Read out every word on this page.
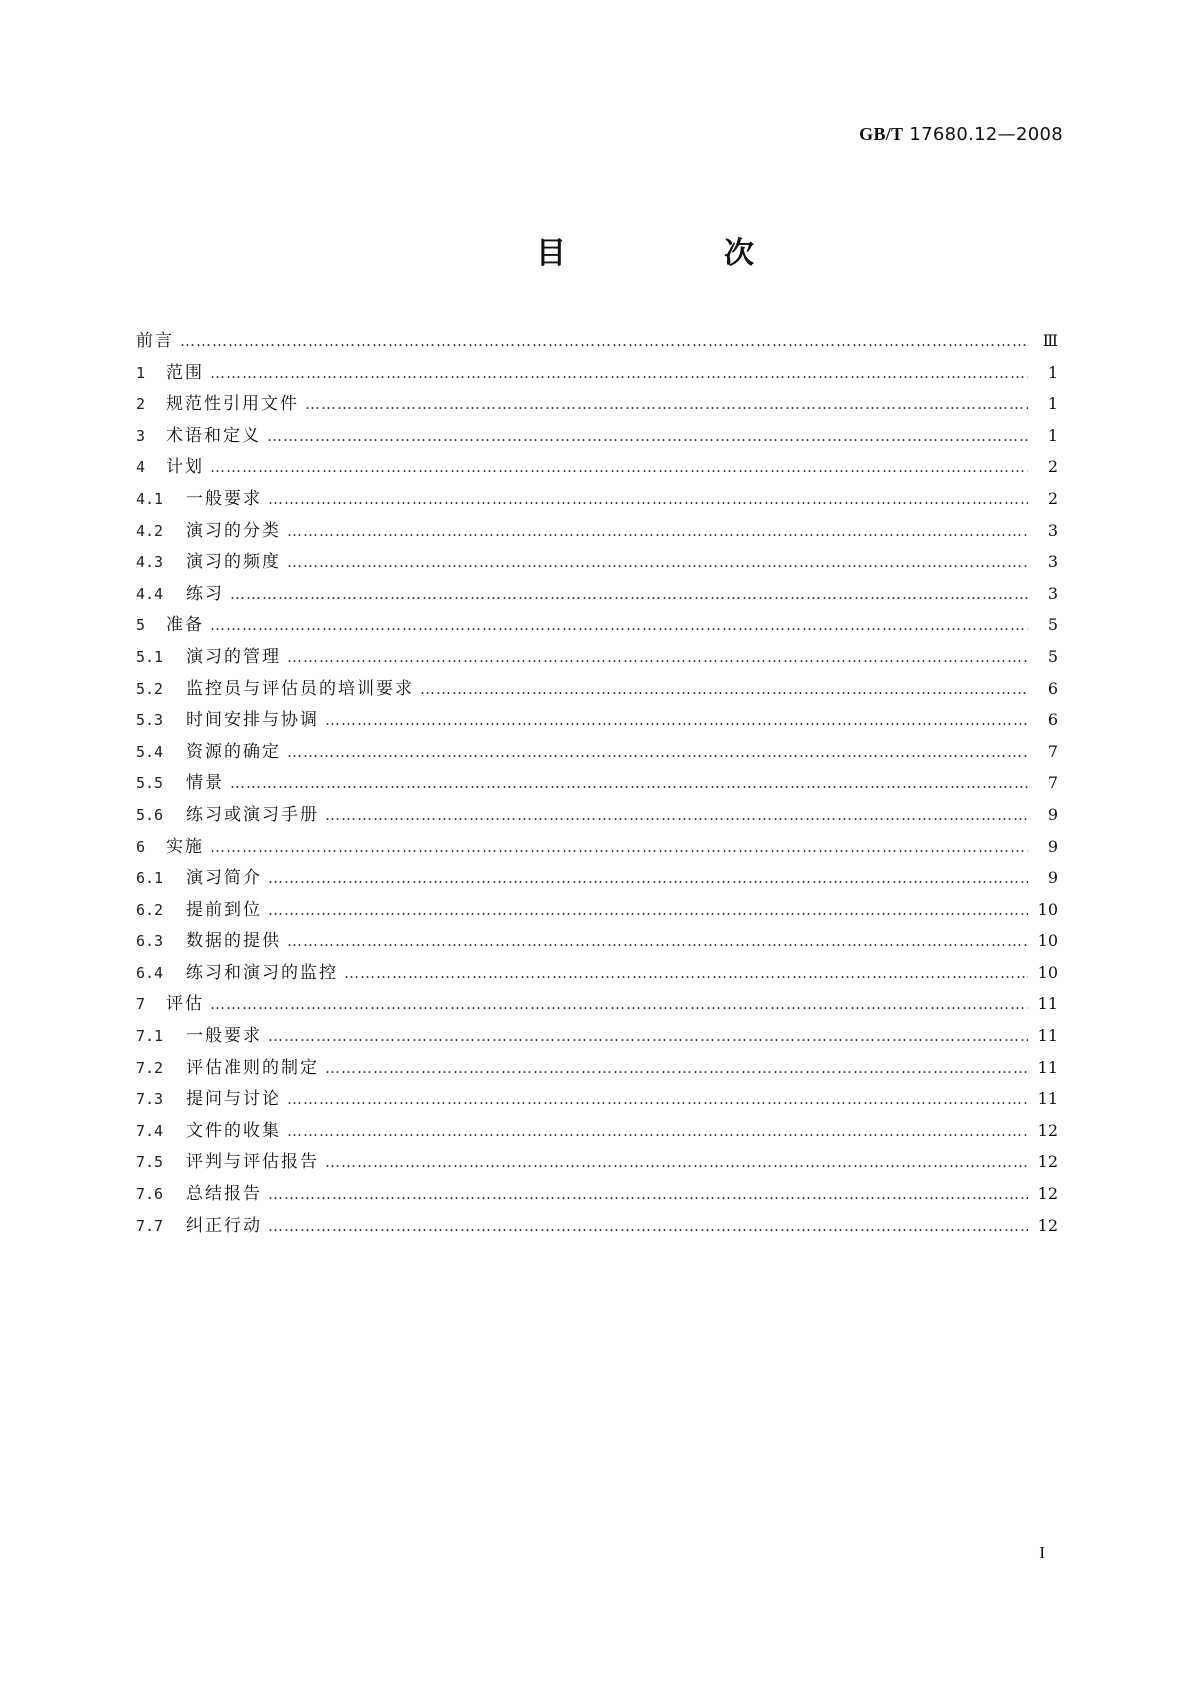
GB/T 17680.12—2008
目　次
前言 …………………………………………………………………………………………………………………………………………………………………………	Ⅲ
1	范围 …………………………………………………………………………………………………………………………………………………………………………	1
2	规范性引用文件 …………………………………………………………………………………………………………………………………………………………………………	1
3	术语和定义 …………………………………………………………………………………………………………………………………………………………………………	1
4	计划 …………………………………………………………………………………………………………………………………………………………………………	2
4.1	一般要求 …………………………………………………………………………………………………………………………………………………………………………	2
4.2	演习的分类 …………………………………………………………………………………………………………………………………………………………………………	3
4.3	演习的频度 …………………………………………………………………………………………………………………………………………………………………………	3
4.4	练习 …………………………………………………………………………………………………………………………………………………………………………	3
5	准备 …………………………………………………………………………………………………………………………………………………………………………	5
5.1	演习的管理 …………………………………………………………………………………………………………………………………………………………………………	5
5.2	监控员与评估员的培训要求 …………………………………………………………………………………………………………………………………………………………………………	6
5.3	时间安排与协调 …………………………………………………………………………………………………………………………………………………………………………	6
5.4	资源的确定 …………………………………………………………………………………………………………………………………………………………………………	7
5.5	情景 …………………………………………………………………………………………………………………………………………………………………………	7
5.6	练习或演习手册 …………………………………………………………………………………………………………………………………………………………………………	9
6	实施 …………………………………………………………………………………………………………………………………………………………………………	9
6.1	演习简介 …………………………………………………………………………………………………………………………………………………………………………	9
6.2	提前到位 …………………………………………………………………………………………………………………………………………………………………………	10
6.3	数据的提供 …………………………………………………………………………………………………………………………………………………………………………	10
6.4	练习和演习的监控 …………………………………………………………………………………………………………………………………………………………………………	10
7	评估 …………………………………………………………………………………………………………………………………………………………………………	11
7.1	一般要求 …………………………………………………………………………………………………………………………………………………………………………	11
7.2	评估准则的制定 …………………………………………………………………………………………………………………………………………………………………………	11
7.3	提问与讨论 …………………………………………………………………………………………………………………………………………………………………………	11
7.4	文件的收集 …………………………………………………………………………………………………………………………………………………………………………	12
7.5	评判与评估报告 …………………………………………………………………………………………………………………………………………………………………………	12
7.6	总结报告 …………………………………………………………………………………………………………………………………………………………………………	12
7.7	纠正行动 …………………………………………………………………………………………………………………………………………………………………………	12
I
